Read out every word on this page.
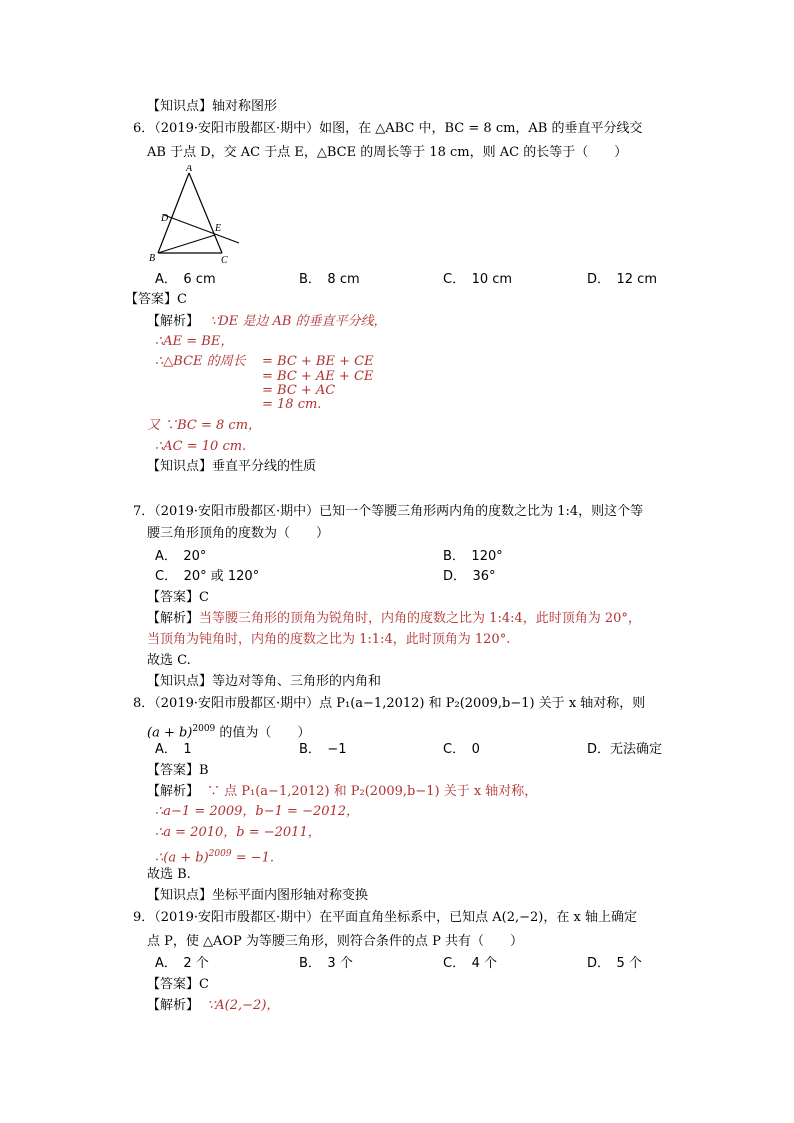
【知识点】轴对称图形
6．（2019·安阳市殷都区·期中）如图，在 △ABC 中，BC = 8 cm，AB 的垂直平分线交
AB 于点 D，交 AC 于点 E，△BCE 的周长等于 18 cm，则 AC 的长等于（　　）
A
B	C
D
E
A．　6 cm	B．　8 cm	C．　10 cm	D．　12 cm
【答案】C
【解析】 ∵DE 是边 AB 的垂直平分线，
∴AE = BE，
∴△BCE 的周长 = BC + BE + CE
= BC + AE + CE
= BC + AC
= 18 cm.
又 ∵BC = 8 cm，
∴AC = 10 cm.
【知识点】垂直平分线的性质
7．（2019·安阳市殷都区·期中）已知一个等腰三角形两内角的度数之比为 1:4，则这个等
腰三角形顶角的度数为（　　）
A．　20°	B．　120°
C．　20° 或 120°	D．　36°
【答案】C
【解析】当等腰三角形的顶角为锐角时，内角的度数之比为 1:4:4，此时顶角为 20°，
当顶角为钝角时，内角的度数之比为 1:1:4，此时顶角为 120°.
故选 C.
【知识点】等边对等角、三角形的内角和
8．（2019·安阳市殷都区·期中）点 P₁(a−1,2012) 和 P₂(2009,b−1) 关于 x 轴对称，则
$(a + b)^{2009}$ 的值为（　　）
A．　1	B．　−1	C．　0	D．无法确定
【答案】B
【解析】 ∵ 点 P₁(a−1,2012) 和 P₂(2009,b−1) 关于 x 轴对称，
∴a−1 = 2009，b−1 = −2012，
∴a = 2010，b = −2011，
∴(a + b)$^{2009}$ = −1.
故选 B.
【知识点】坐标平面内图形轴对称变换
9．（2019·安阳市殷都区·期中）在平面直角坐标系中，已知点 A(2,−2)，在 x 轴上确定
点 P，使 △AOP 为等腰三角形，则符合条件的点 P 共有（　　）
A．　2 个	B．　3 个	C．　4 个	D．　5 个
【答案】C
【解析】 ∵A(2,−2)，
